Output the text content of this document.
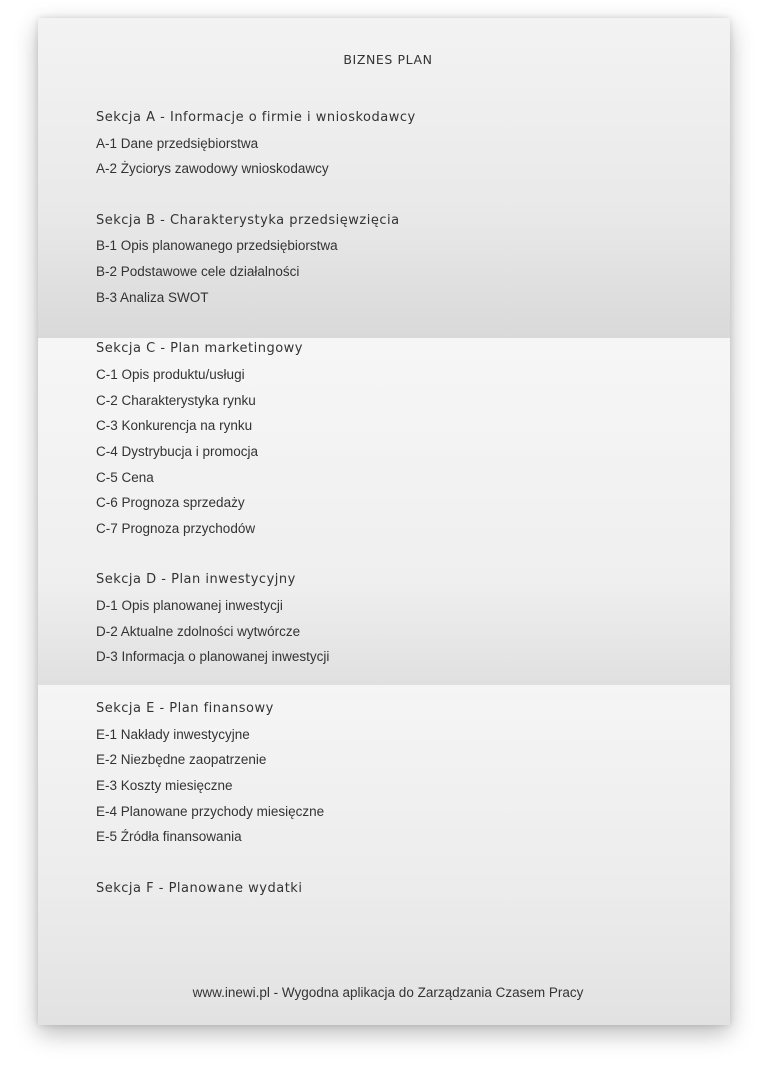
BIZNES PLAN
Sekcja A - Informacje o firmie i wnioskodawcy
A-1 Dane przedsiębiorstwa
A-2 Życiorys zawodowy wnioskodawcy
Sekcja B - Charakterystyka przedsięwzięcia
B-1 Opis planowanego przedsiębiorstwa
B-2 Podstawowe cele działalności
B-3 Analiza SWOT
Sekcja C - Plan marketingowy
C-1 Opis produktu/usługi
C-2 Charakterystyka rynku
C-3 Konkurencja na rynku
C-4 Dystrybucja i promocja
C-5 Cena
C-6 Prognoza sprzedaży
C-7 Prognoza przychodów
Sekcja D - Plan inwestycyjny
D-1 Opis planowanej inwestycji
D-2 Aktualne zdolności wytwórcze
D-3 Informacja o planowanej inwestycji
Sekcja E - Plan finansowy
E-1 Nakłady inwestycyjne
E-2 Niezbędne zaopatrzenie
E-3 Koszty miesięczne
E-4 Planowane przychody miesięczne
E-5 Źródła finansowania
Sekcja F - Planowane wydatki
www.inewi.pl - Wygodna aplikacja do Zarządzania Czasem Pracy
